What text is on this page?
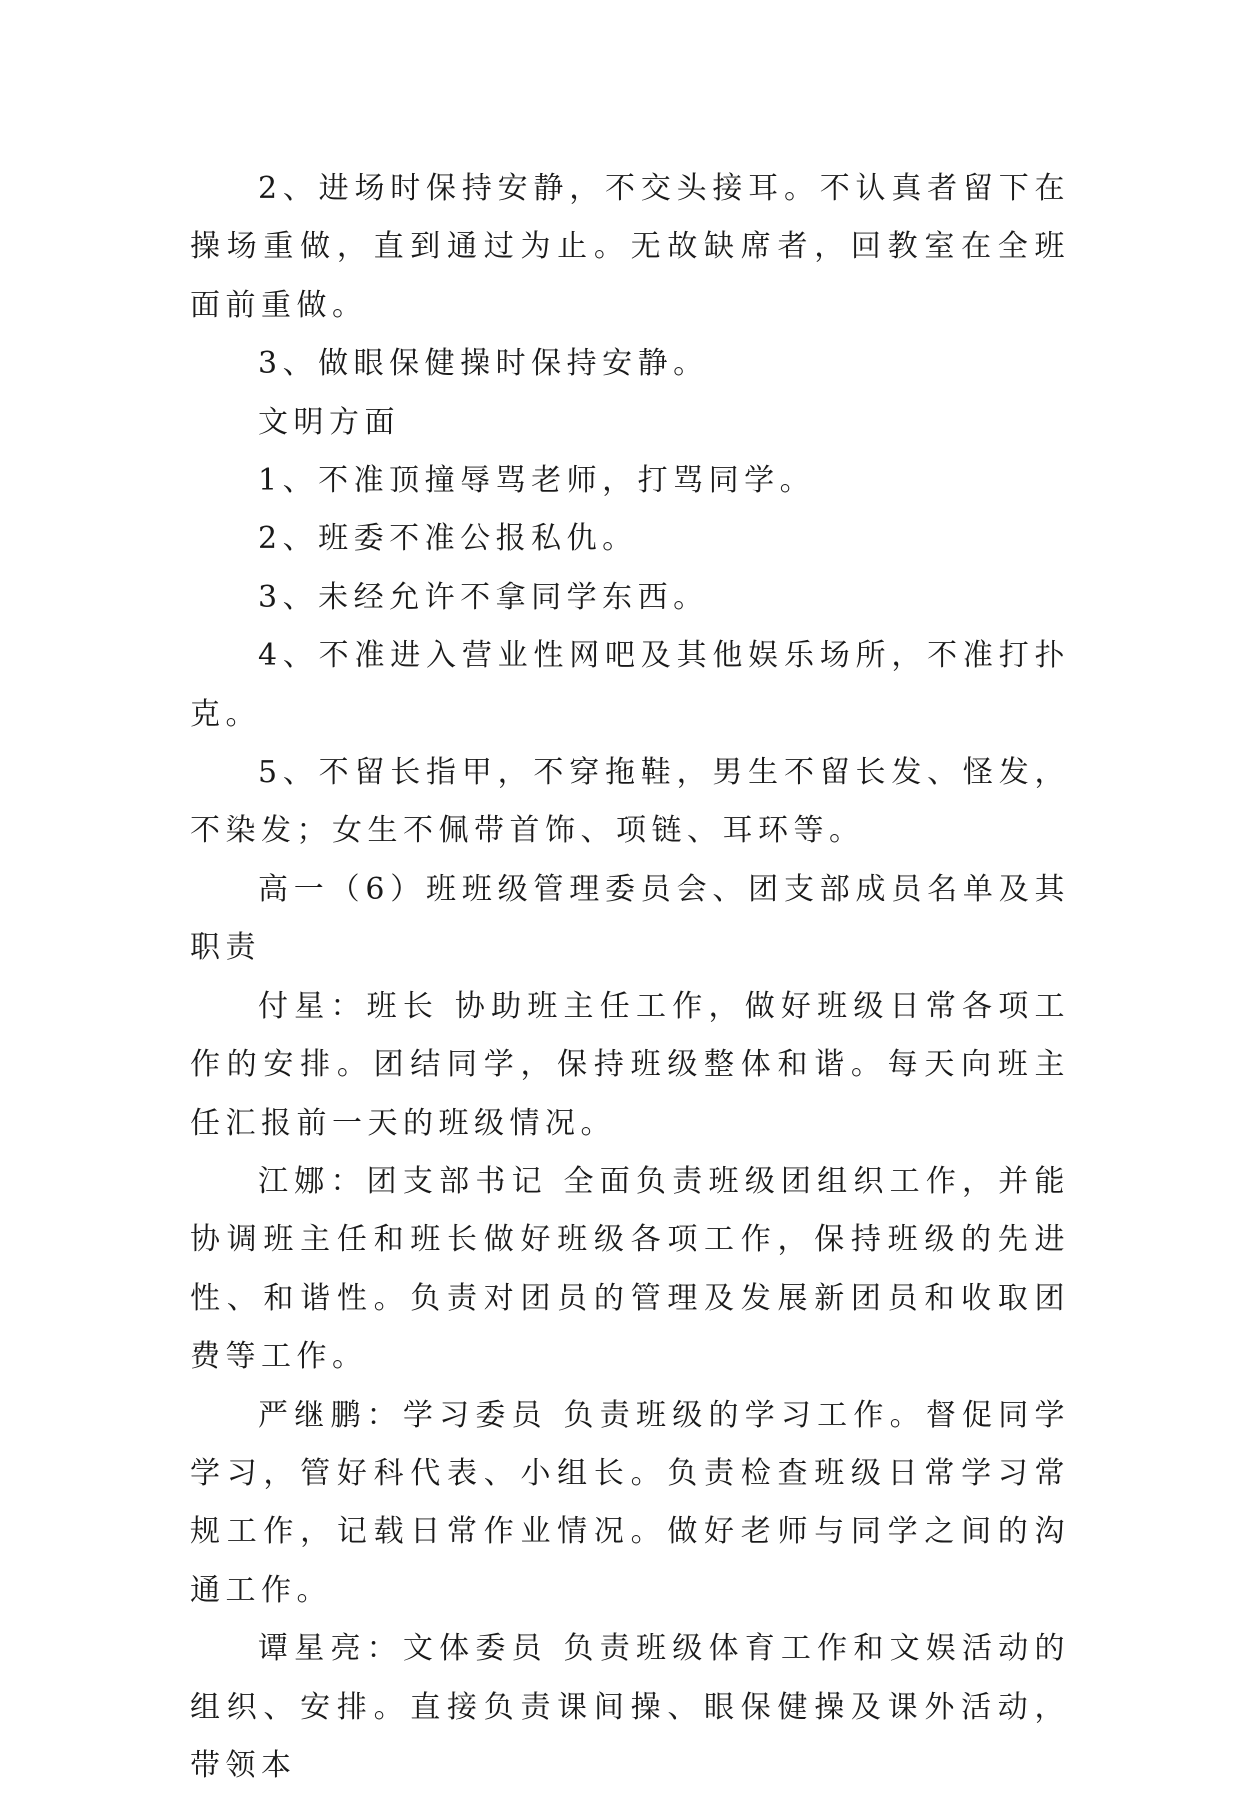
2、进场时保持安静，不交头接耳。不认真者留下在操场重做，直到通过为止。无故缺席者，回教室在全班面前重做。

3、做眼保健操时保持安静。

文明方面

1、不准顶撞辱骂老师，打骂同学。

2、班委不准公报私仇。

3、未经允许不拿同学东西。

4、不准进入营业性网吧及其他娱乐场所，不准打扑克。

5、不留长指甲，不穿拖鞋，男生不留长发、怪发，不染发；女生不佩带首饰、项链、耳环等。

高一（6）班班级管理委员会、团支部成员名单及其职责

付星：班长 协助班主任工作，做好班级日常各项工作的安排。团结同学，保持班级整体和谐。每天向班主任汇报前一天的班级情况。

江娜：团支部书记 全面负责班级团组织工作，并能协调班主任和班长做好班级各项工作，保持班级的先进性、和谐性。负责对团员的管理及发展新团员和收取团费等工作。

严继鹏：学习委员 负责班级的学习工作。督促同学学习，管好科代表、小组长。负责检查班级日常学习常规工作，记载日常作业情况。做好老师与同学之间的沟通工作。

谭星亮：文体委员 负责班级体育工作和文娱活动的组织、安排。直接负责课间操、眼保健操及课外活动，带领本
